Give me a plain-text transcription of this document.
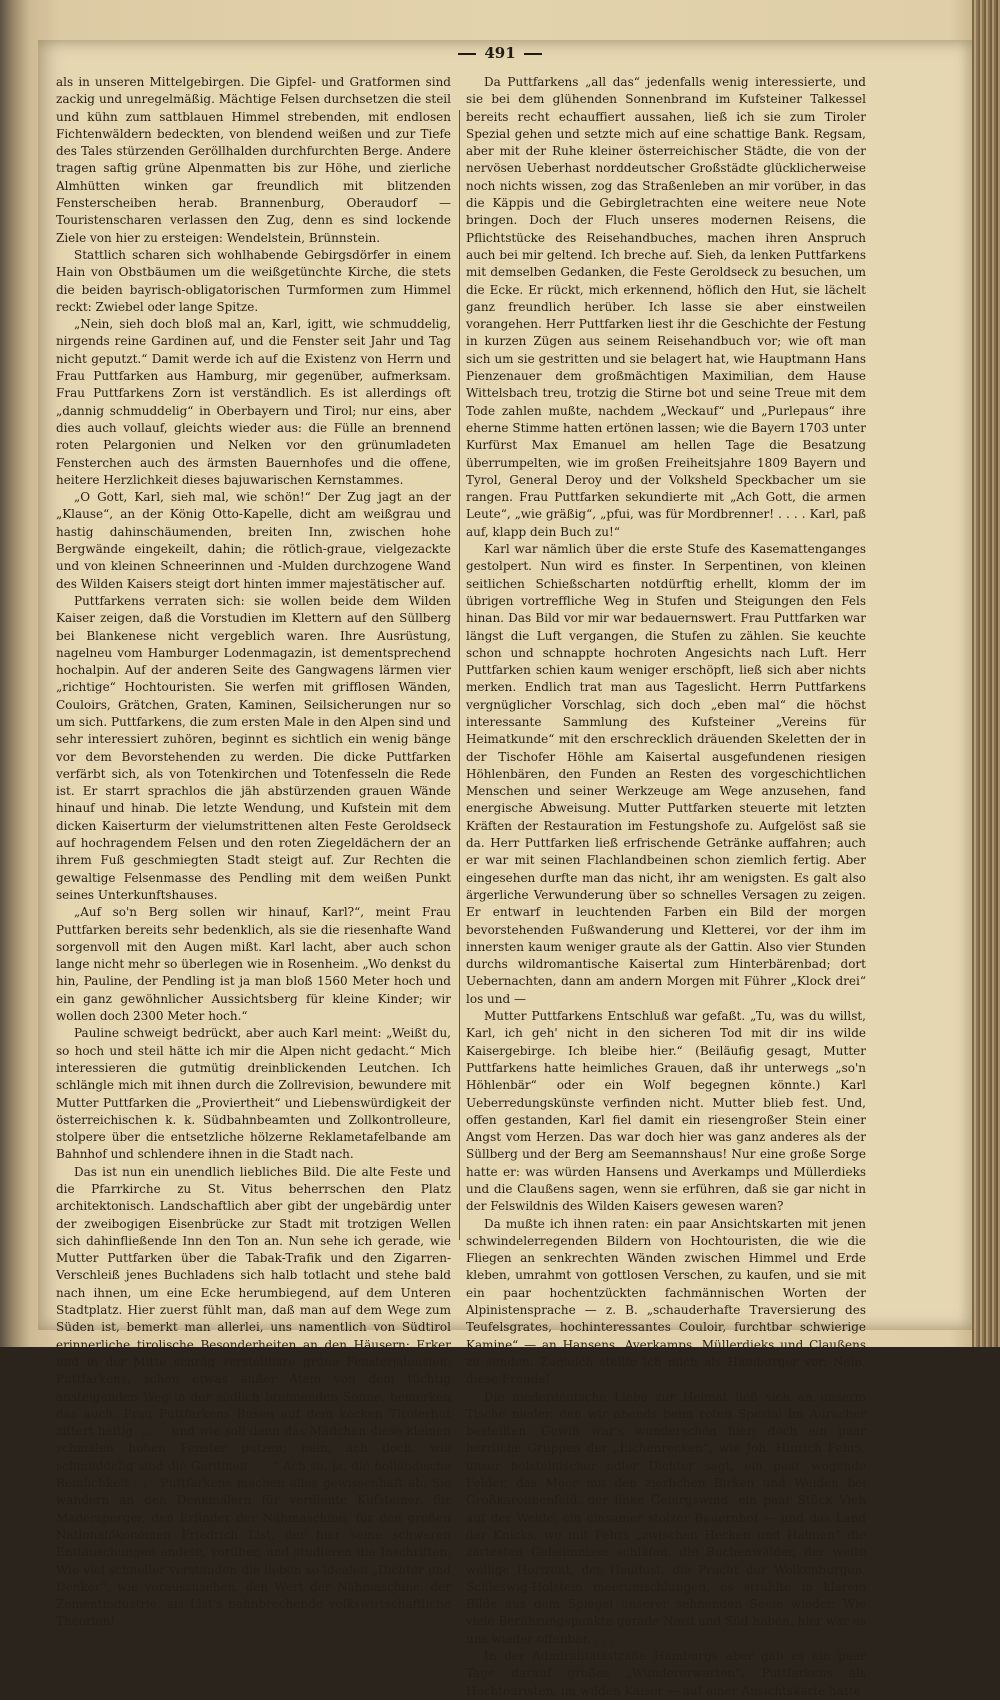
491

als in unseren Mittelgebirgen. Die Gipfel- und Gratformen sind zackig und unregelmäßig. Mächtige Felsen durchsetzen die steil und kühn zum sattblauen Himmel strebenden, mit endlosen Fichtenwäldern bedeckten, von blendend weißen und zur Tiefe des Tales stürzenden Geröllhalden durchfurchten Berge. Andere tragen saftig grüne Alpenmatten bis zur Höhe, und zierliche Almhütten winken gar freundlich mit blitzenden Fensterscheiben herab. Brannenburg, Oberaudorf — Touristenscharen verlassen den Zug, denn es sind lockende Ziele von hier zu ersteigen: Wendelstein, Brünnstein.

Stattlich scharen sich wohlhabende Gebirgsdörfer in einem Hain von Obstbäumen um die weißgetünchte Kirche, die stets die beiden bayrisch-obligatorischen Turmformen zum Himmel reckt: Zwiebel oder lange Spitze.

„Nein, sieh doch bloß mal an, Karl, igitt, wie schmuddelig, nirgends reine Gardinen auf, und die Fenster seit Jahr und Tag nicht geputzt.“ Damit werde ich auf die Existenz von Herrn und Frau Puttfarken aus Hamburg, mir gegenüber, aufmerksam. Frau Puttfarkens Zorn ist verständlich. Es ist allerdings oft „dannig schmuddelig“ in Oberbayern und Tirol; nur eins, aber dies auch vollauf, gleichts wieder aus: die Fülle an brennend roten Pelargonien und Nelken vor den grünumladeten Fensterchen auch des ärmsten Bauernhofes und die offene, heitere Herzlichkeit dieses bajuwarischen Kernstammes.

„O Gott, Karl, sieh mal, wie schön!“ Der Zug jagt an der „Klause“, an der König Otto-Kapelle, dicht am weißgrau und hastig dahinschäumenden, breiten Inn, zwischen hohe Bergwände eingekeilt, dahin; die rötlich-graue, vielgezackte und von kleinen Schneerinnen und -Mulden durchzogene Wand des Wilden Kaisers steigt dort hinten immer majestätischer auf.

Puttfarkens verraten sich: sie wollen beide dem Wilden Kaiser zeigen, daß die Vorstudien im Klettern auf den Süllberg bei Blankenese nicht vergeblich waren. Ihre Ausrüstung, nagelneu vom Hamburger Lodenmagazin, ist dementsprechend hochalpin. Auf der anderen Seite des Gangwagens lärmen vier „richtige“ Hochtouristen. Sie werfen mit grifflosen Wänden, Couloirs, Grätchen, Graten, Kaminen, Seilsicherungen nur so um sich. Puttfarkens, die zum ersten Male in den Alpen sind und sehr interessiert zuhören, beginnt es sichtlich ein wenig bänge vor dem Bevorstehenden zu werden. Die dicke Puttfarken verfärbt sich, als von Totenkirchen und Totenfesseln die Rede ist. Er starrt sprachlos die jäh abstürzenden grauen Wände hinauf und hinab. Die letzte Wendung, und Kufstein mit dem dicken Kaiserturm der vielumstrittenen alten Feste Geroldseck auf hochragendem Felsen und den roten Ziegeldächern der an ihrem Fuß geschmiegten Stadt steigt auf. Zur Rechten die gewaltige Felsenmasse des Pendling mit dem weißen Punkt seines Unterkunftshauses.

„Auf so'n Berg sollen wir hinauf, Karl?“, meint Frau Puttfarken bereits sehr bedenklich, als sie die riesenhafte Wand sorgenvoll mit den Augen mißt. Karl lacht, aber auch schon lange nicht mehr so überlegen wie in Rosenheim. „Wo denkst du hin, Pauline, der Pendling ist ja man bloß 1560 Meter hoch und ein ganz gewöhnlicher Aussichtsberg für kleine Kinder; wir wollen doch 2300 Meter hoch.“

Pauline schweigt bedrückt, aber auch Karl meint: „Weißt du, so hoch und steil hätte ich mir die Alpen nicht gedacht.“ Mich interessieren die gutmütig dreinblickenden Leutchen. Ich schlängle mich mit ihnen durch die Zollrevision, bewundere mit Mutter Puttfarken die „Proviertheit“ und Liebenswürdigkeit der österreichischen k. k. Südbahnbeamten und Zollkontrolleure, stolpere über die entsetzliche hölzerne Reklametafelbande am Bahnhof und schlendere ihnen in die Stadt nach.

Das ist nun ein unendlich liebliches Bild. Die alte Feste und die Pfarrkirche zu St. Vitus beherrschen den Platz architektonisch. Landschaftlich aber gibt der ungebärdig unter der zweibogigen Eisenbrücke zur Stadt mit trotzigen Wellen sich dahinfließende Inn den Ton an. Nun sehe ich gerade, wie Mutter Puttfarken über die Tabak-Trafik und den Zigarren-Verschleiß jenes Buchladens sich halb totlacht und stehe bald nach ihnen, um eine Ecke herumbiegend, auf dem Unteren Stadtplatz. Hier zuerst fühlt man, daß man auf dem Wege zum Süden ist, bemerkt man allerlei, uns namentlich von Südtirol erinnerliche tirolische Besonderheiten an den Häusern: Erker und in der Mitte schräg verstellbare grüne Fensterjalousien. Puttfarkens, schon etwas außer Atem von dem tüchtig ansteigenden Weg in der südlich brennenden Sonne, bemerken das auch. Frau Puttfarkens Busen auf dem kecken Tirolerhut zittert heftig. „. . . und wie soll denn das Mädchen diese kleinen schmalen hohen Fenster putzen; nein, ach doch, wie schmuddelig sind die Gardinen . . .“ Ach so, ja, die holländische Reinlichkeit . . . Puttfarkens machen alles gewissenhaft ab. Sie wandern an den Denkmälern für verdiente Kufsteiner, für Madersperger, den Erfinder der Nähmaschine, für den großen Nationalökonomen Friedrich List, der hier seine schweren Enttäuschungen endete, vorüber, und studieren die Inschriften. Wie viel schneller verstanden die lieben so idealen „Dichter und Denker“, wie vorauszusehen, den Wert der Nähmaschine, der Zementindustrie, als List's bahnbrechende volkswirtschaftliche Theorien!

Da Puttfarkens „all das“ jedenfalls wenig interessierte, und sie bei dem glühenden Sonnenbrand im Kufsteiner Talkessel bereits recht echauffiert aussahen, ließ ich sie zum Tiroler Spezial gehen und setzte mich auf eine schattige Bank. Regsam, aber mit der Ruhe kleiner österreichischer Städte, die von der nervösen Ueberhast norddeutscher Großstädte glücklicherweise noch nichts wissen, zog das Straßenleben an mir vorüber, in das die Käppis und die Gebirgletrachten eine weitere neue Note bringen. Doch der Fluch unseres modernen Reisens, die Pflichtstücke des Reisehandbuches, machen ihren Anspruch auch bei mir geltend. Ich breche auf. Sieh, da lenken Puttfarkens mit demselben Gedanken, die Feste Geroldseck zu besuchen, um die Ecke. Er rückt, mich erkennend, höflich den Hut, sie lächelt ganz freundlich herüber. Ich lasse sie aber einstweilen vorangehen. Herr Puttfarken liest ihr die Geschichte der Festung in kurzen Zügen aus seinem Reisehandbuch vor; wie oft man sich um sie gestritten und sie belagert hat, wie Hauptmann Hans Pienzenauer dem großmächtigen Maximilian, dem Hause Wittelsbach treu, trotzig die Stirne bot und seine Treue mit dem Tode zahlen mußte, nachdem „Weckauf“ und „Purlepaus“ ihre eherne Stimme hatten ertönen lassen; wie die Bayern 1703 unter Kurfürst Max Emanuel am hellen Tage die Besatzung überrumpelten, wie im großen Freiheitsjahre 1809 Bayern und Tyrol, General Deroy und der Volksheld Speckbacher um sie rangen. Frau Puttfarken sekundierte mit „Ach Gott, die armen Leute“, „wie gräßig“, „pfui, was für Mordbrenner! . . . . Karl, paß auf, klapp dein Buch zu!“

Karl war nämlich über die erste Stufe des Kasemattenganges gestolpert. Nun wird es finster. In Serpentinen, von kleinen seitlichen Schießscharten notdürftig erhellt, klomm der im übrigen vortreffliche Weg in Stufen und Steigungen den Fels hinan. Das Bild vor mir war bedauernswert. Frau Puttfarken war längst die Luft vergangen, die Stufen zu zählen. Sie keuchte schon und schnappte hochroten Angesichts nach Luft. Herr Puttfarken schien kaum weniger erschöpft, ließ sich aber nichts merken. Endlich trat man aus Tageslicht. Herrn Puttfarkens vergnüglicher Vorschlag, sich doch „eben mal“ die höchst interessante Sammlung des Kufsteiner „Vereins für Heimatkunde“ mit den erschrecklich dräuenden Skeletten der in der Tischofer Höhle am Kaisertal ausgefundenen riesigen Höhlenbären, den Funden an Resten des vorgeschichtlichen Menschen und seiner Werkzeuge am Wege anzusehen, fand energische Abweisung. Mutter Puttfarken steuerte mit letzten Kräften der Restauration im Festungshofe zu. Aufgelöst saß sie da. Herr Puttfarken ließ erfrischende Getränke auffahren; auch er war mit seinen Flachlandbeinen schon ziemlich fertig. Aber eingesehen durfte man das nicht, ihr am wenigsten. Es galt also ärgerliche Verwunderung über so schnelles Versagen zu zeigen. Er entwarf in leuchtenden Farben ein Bild der morgen bevorstehenden Fußwanderung und Kletterei, vor der ihm im innersten kaum weniger graute als der Gattin. Also vier Stunden durchs wildromantische Kaisertal zum Hinterbärenbad; dort Uebernachten, dann am andern Morgen mit Führer „Klock drei“ los und —

Mutter Puttfarkens Entschluß war gefaßt. „Tu, was du willst, Karl, ich geh' nicht in den sicheren Tod mit dir ins wilde Kaisergebirge. Ich bleibe hier.“ (Beiläufig gesagt, Mutter Puttfarkens hatte heimliches Grauen, daß ihr unterwegs „so'n Höhlenbär“ oder ein Wolf begegnen könnte.) Karl Ueberredungskünste verfinden nicht. Mutter blieb fest. Und, offen gestanden, Karl fiel damit ein riesengroßer Stein einer Angst vom Herzen. Das war doch hier was ganz anderes als der Süllberg und der Berg am Seemannshaus! Nur eine große Sorge hatte er: was würden Hansens und Averkamps und Müllerdieks und die Claußens sagen, wenn sie erführen, daß sie gar nicht in der Felswildnis des Wilden Kaisers gewesen waren?

Da mußte ich ihnen raten: ein paar Ansichtskarten mit jenen schwindelerregenden Bildern von Hochtouristen, die wie die Fliegen an senkrechten Wänden zwischen Himmel und Erde kleben, umrahmt von gottlosen Verschen, zu kaufen, und sie mit ein paar hochentzückten fachmännischen Worten der Alpinistensprache — z. B. „schauderhafte Traversierung des Teufelsgrates, hochinteressantes Couloir, furchtbar schwierige Kamine“ — an Hansens, Averkamps, Müllerdieks und Claußens zu senden. Zugleich stellte ich mich als Hamburger vor. Nein, diese Freude!

Die niederdeutsche Liebe zur Heimat ließ sich an unserm Tische nieder, den wir abends beim roten Spezial im Auracher bestellten. Gewiß war's wunderschön hier; doch ein paar herrliche Gruppen der „Eichenrecken“, wie Joh. Hinrich Fehrs, unser holsteinischer edler Dichter sagt, ein paar wogende Felder, das Moor mit den zierlichen Birken und Weiden bei Großkarolinenfeld, der linke Gebirgswind, ein paar Stück Vieh auf der Weide, ein einsamer stolzer Bauernhof — und das Land der Knicks, wo mit Fehrs „zwischen Hecken und Halmen“ die zartesten Geheimnisse schlafen, die Buchenwälder, der weite wellige Horizont, der Heudust, die Pracht der Wolkenburgen, Schleswig-Holstein meerumschlungen, es strahlte in klarem Bilde aus dem Spiegel unserer sehnenden Seele wieder. Wie viele Berührungspunkte gerade Nord und Süd haben, hier war es uns wieder offenbar. . . .

In der Admiralitätsstraße Hamburgs aber gab es ein paar Tage darauf großes „Wundererwarten“. Puttfarkens als Hochtouristen, im wilden Kaiser — auf einer Ansichtskarte hatte
